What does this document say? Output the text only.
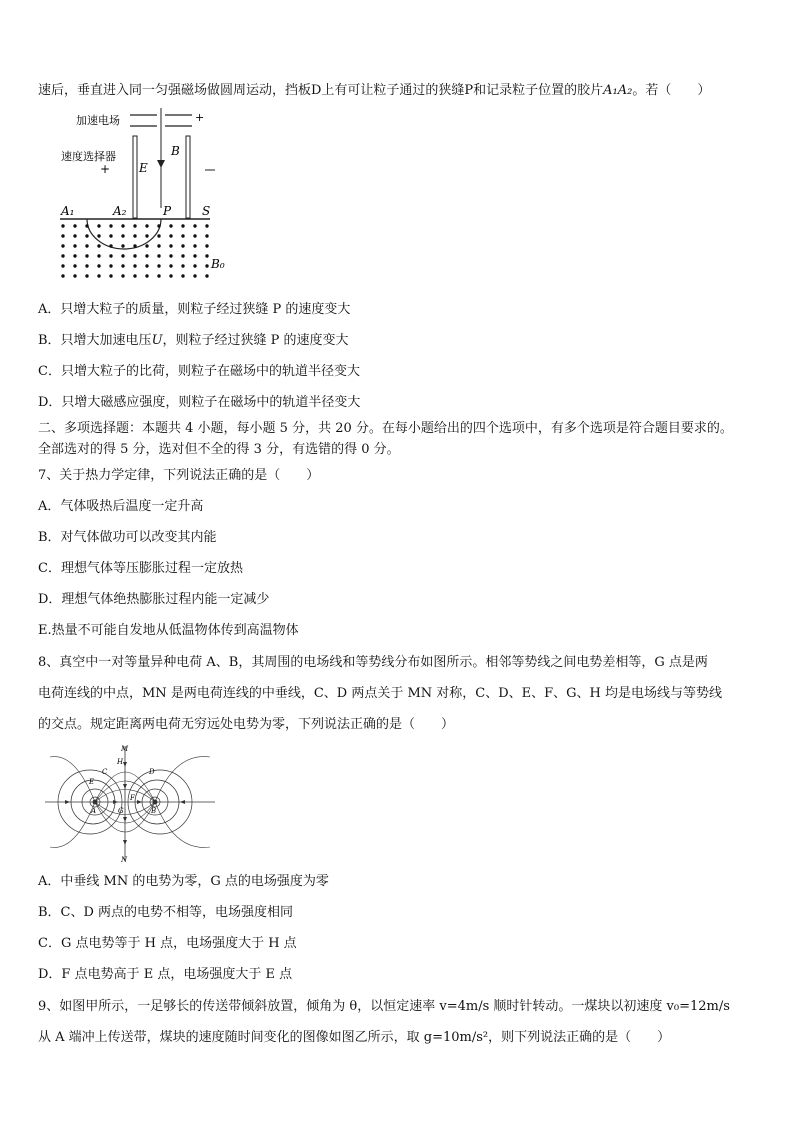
速后，垂直进入同一匀强磁场做圆周运动，挡板D上有可让粒子通过的狭缝P和记录粒子位置的胶片A₁A₂。若（　　）
加速电场	+
速度选择器
+ E
B
A₁	A₂	P	S
B₀
A．只增大粒子的质量，则粒子经过狭缝 P 的速度变大
B．只增大加速电压U，则粒子经过狭缝 P 的速度变大
C．只增大粒子的比荷，则粒子在磁场中的轨道半径变大
D．只增大磁感应强度，则粒子在磁场中的轨道半径变大
二、多项选择题：本题共 4 小题，每小题 5 分，共 20 分。在每小题给出的四个选项中，有多个选项是符合题目要求的。
全部选对的得 5 分，选对但不全的得 3 分，有选错的得 0 分。
7、关于热力学定律，下列说法正确的是（　　）
A．气体吸热后温度一定升高
B．对气体做功可以改变其内能
C．理想气体等压膨胀过程一定放热
D．理想气体绝热膨胀过程内能一定减少
E.热量不可能自发地从低温物体传到高温物体
8、真空中一对等量异种电荷 A、B，其周围的电场线和等势线分布如图所示。相邻等势线之间电势差相等，G 点是两
电荷连线的中点，MN 是两电荷连线的中垂线，C、D 两点关于 MN 对称，C、D、E、F、G、H 均是电场线与等势线
的交点。规定距离两电荷无穷远处电势为零，下列说法正确的是（　　）
M
N
H
E
C	D
F
G
A	B
A．中垂线 MN 的电势为零，G 点的电场强度为零
B．C、D 两点的电势不相等，电场强度相同
C．G 点电势等于 H 点，电场强度大于 H 点
D．F 点电势高于 E 点，电场强度大于 E 点
9、如图甲所示，一足够长的传送带倾斜放置，倾角为 θ，以恒定速率 v=4m/s 顺时针转动。一煤块以初速度 v₀=12m/s
从 A 端冲上传送带，煤块的速度随时间变化的图像如图乙所示，取 g=10m/s²，则下列说法正确的是（　　）
